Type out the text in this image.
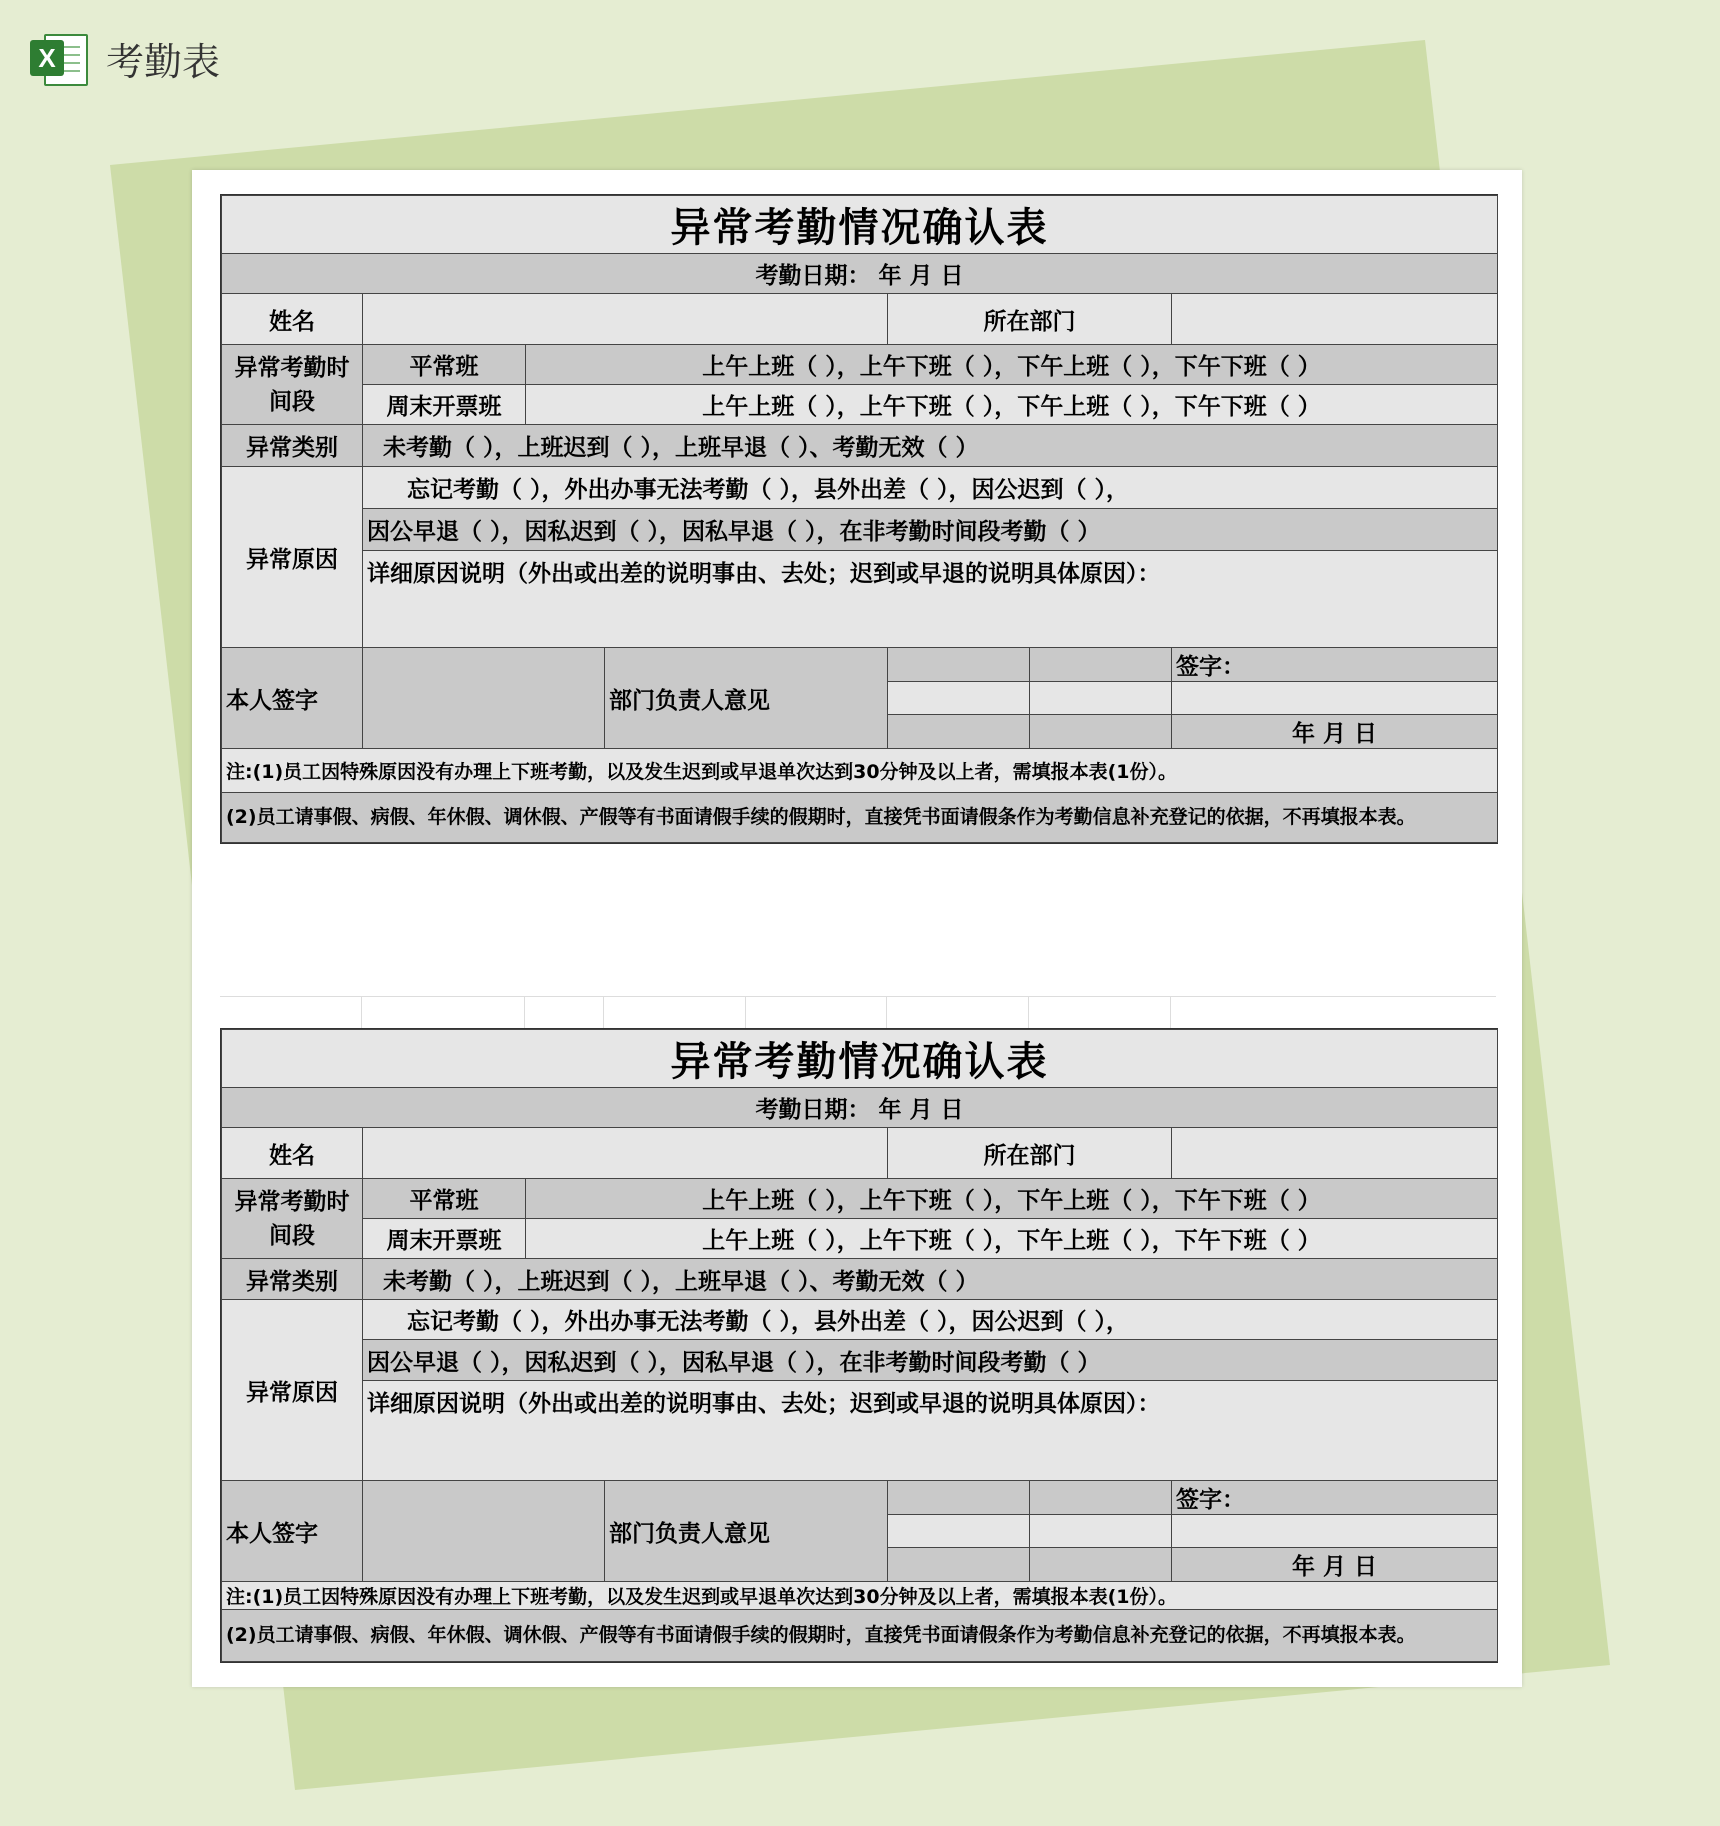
X 考勤表
异常考勤情况确认表						
考勤日期： 年 月 日						
姓名				所在部门		
异常考勤时间段	平常班	上午上班（ ），上午下班（ ），下午上班（ ），下午下班（ ）				
	周末开票班	上午上班（ ），上午下班（ ），下午上班（ ），下午下班（ ）				
异常类别	未考勤（ ），上班迟到（ ），上班早退（ ）、考勤无效（ ）					
异常原因	忘记考勤（ ），外出办事无法考勤（ ），县外出差（ ），因公迟到（ ），					
	因公早退（ ），因私迟到（ ），因私早退（ ），在非考勤时间段考勤（ ）					
	详细原因说明（外出或出差的说明事由、去处；迟到或早退的说明具体原因）：					
本人签字			部门负责人意见			签字：

						年 月 日
注:(1)员工因特殊原因没有办理上下班考勤，以及发生迟到或早退单次达到30分钟及以上者，需填报本表(1份）。						
(2)员工请事假、病假、年休假、调休假、产假等有书面请假手续的假期时，直接凭书面请假条作为考勤信息补充登记的依据，不再填报本表。						
异常考勤情况确认表						
考勤日期： 年 月 日						
姓名				所在部门		
异常考勤时间段	平常班	上午上班（ ），上午下班（ ），下午上班（ ），下午下班（ ）				
	周末开票班	上午上班（ ），上午下班（ ），下午上班（ ），下午下班（ ）				
异常类别	未考勤（ ），上班迟到（ ），上班早退（ ）、考勤无效（ ）					
异常原因	忘记考勤（ ），外出办事无法考勤（ ），县外出差（ ），因公迟到（ ），					
	因公早退（ ），因私迟到（ ），因私早退（ ），在非考勤时间段考勤（ ）					
	详细原因说明（外出或出差的说明事由、去处；迟到或早退的说明具体原因）：					
本人签字			部门负责人意见			签字：

						年 月 日
注:(1)员工因特殊原因没有办理上下班考勤，以及发生迟到或早退单次达到30分钟及以上者，需填报本表(1份）。						
(2)员工请事假、病假、年休假、调休假、产假等有书面请假手续的假期时，直接凭书面请假条作为考勤信息补充登记的依据，不再填报本表。						
